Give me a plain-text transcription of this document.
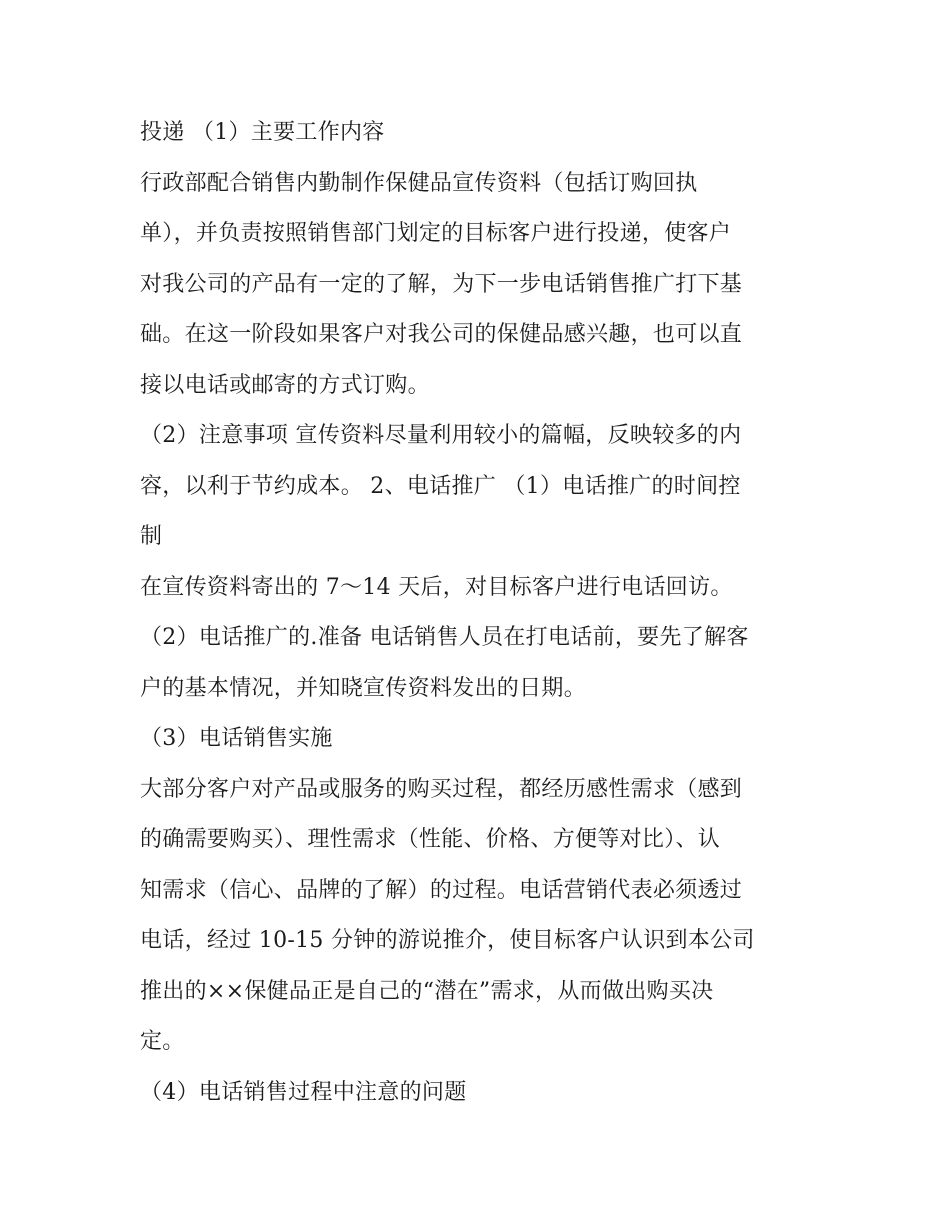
投递 （1）主要工作内容
行政部配合销售内勤制作保健品宣传资料（包括订购回执
单），并负责按照销售部门划定的目标客户进行投递，使客户
对我公司的产品有一定的了解，为下一步电话销售推广打下基
础。在这一阶段如果客户对我公司的保健品感兴趣，也可以直
接以电话或邮寄的方式订购。
（2）注意事项 宣传资料尽量利用较小的篇幅，反映较多的内
容，以利于节约成本。 2、电话推广 （1）电话推广的时间控
制
在宣传资料寄出的 7～14 天后，对目标客户进行电话回访。
（2）电话推广的.准备 电话销售人员在打电话前，要先了解客
户的基本情况，并知晓宣传资料发出的日期。
（3）电话销售实施
大部分客户对产品或服务的购买过程，都经历感性需求（感到
的确需要购买）、理性需求（性能、价格、方便等对比）、认
知需求（信心、品牌的了解）的过程。电话营销代表必须透过
电话，经过 10-15 分钟的游说推介，使目标客户认识到本公司
推出的××保健品正是自己的“潜在”需求，从而做出购买决
定。
（4）电话销售过程中注意的问题
